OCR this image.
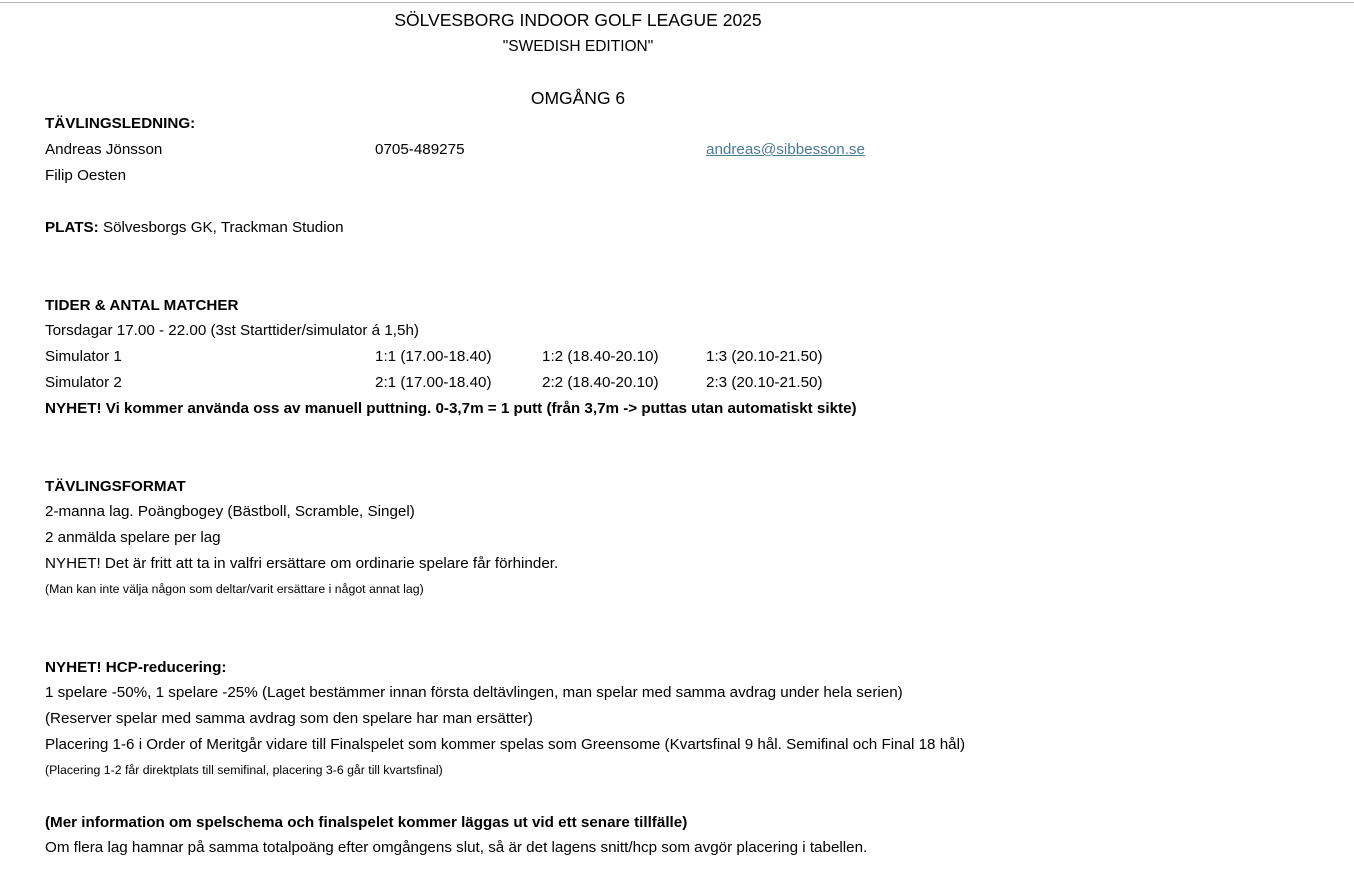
SÖLVESBORG INDOOR GOLF LEAGUE 2025
"SWEDISH EDITION"
OMGÅNG 6
TÄVLINGSLEDNING:
Andreas Jönsson	0705-489275	andreas@sibbesson.se
Filip Oesten
PLATS: Sölvesborgs GK, Trackman Studion
TIDER & ANTAL MATCHER
Torsdagar 17.00 - 22.00 (3st Starttider/simulator á 1,5h)
Simulator 1	1:1 (17.00-18.40)	1:2 (18.40-20.10)	1:3 (20.10-21.50)
Simulator 2	2:1 (17.00-18.40)	2:2 (18.40-20.10)	2:3 (20.10-21.50)
NYHET! Vi kommer använda oss av manuell puttning. 0-3,7m = 1 putt (från 3,7m -> puttas utan automatiskt sikte)
TÄVLINGSFORMAT
2-manna lag. Poängbogey (Bästboll, Scramble, Singel)
2 anmälda spelare per lag
NYHET! Det är fritt att ta in valfri ersättare om ordinarie spelare får förhinder.
(Man kan inte välja någon som deltar/varit ersättare i något annat lag)
NYHET! HCP-reducering:
1 spelare -50%, 1 spelare -25% (Laget bestämmer innan första deltävlingen, man spelar med samma avdrag under hela serien)
(Reserver spelar med samma avdrag som den spelare har man ersätter)
Placering 1-6 i Order of Meritgår vidare till Finalspelet som kommer spelas som Greensome (Kvartsfinal 9 hål. Semifinal och Final 18 hål)
(Placering 1-2 får direktplats till semifinal, placering 3-6 går till kvartsfinal)
(Mer information om spelschema och finalspelet kommer läggas ut vid ett senare tillfälle)
Om flera lag hamnar på samma totalpoäng efter omgångens slut, så är det lagens snitt/hcp som avgör placering i tabellen.
